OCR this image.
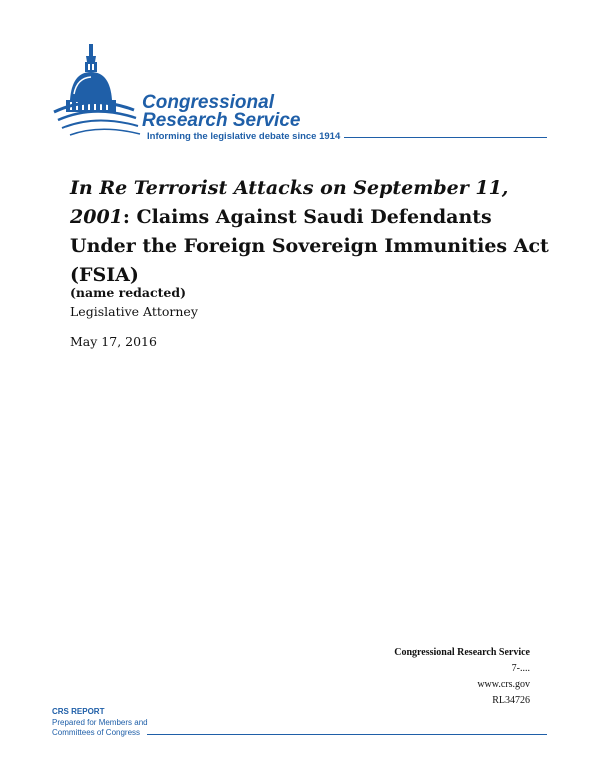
Congressional
Research Service
Informing the legislative debate since 1914
In Re Terrorist Attacks on September 11, 2001: Claims Against Saudi Defendants Under the Foreign Sovereign Immunities Act (FSIA)
(name redacted)
Legislative Attorney
May 17, 2016
Congressional Research Service
7-....
www.crs.gov
RL34726
CRS REPORT
Prepared for Members and
Committees of Congress
